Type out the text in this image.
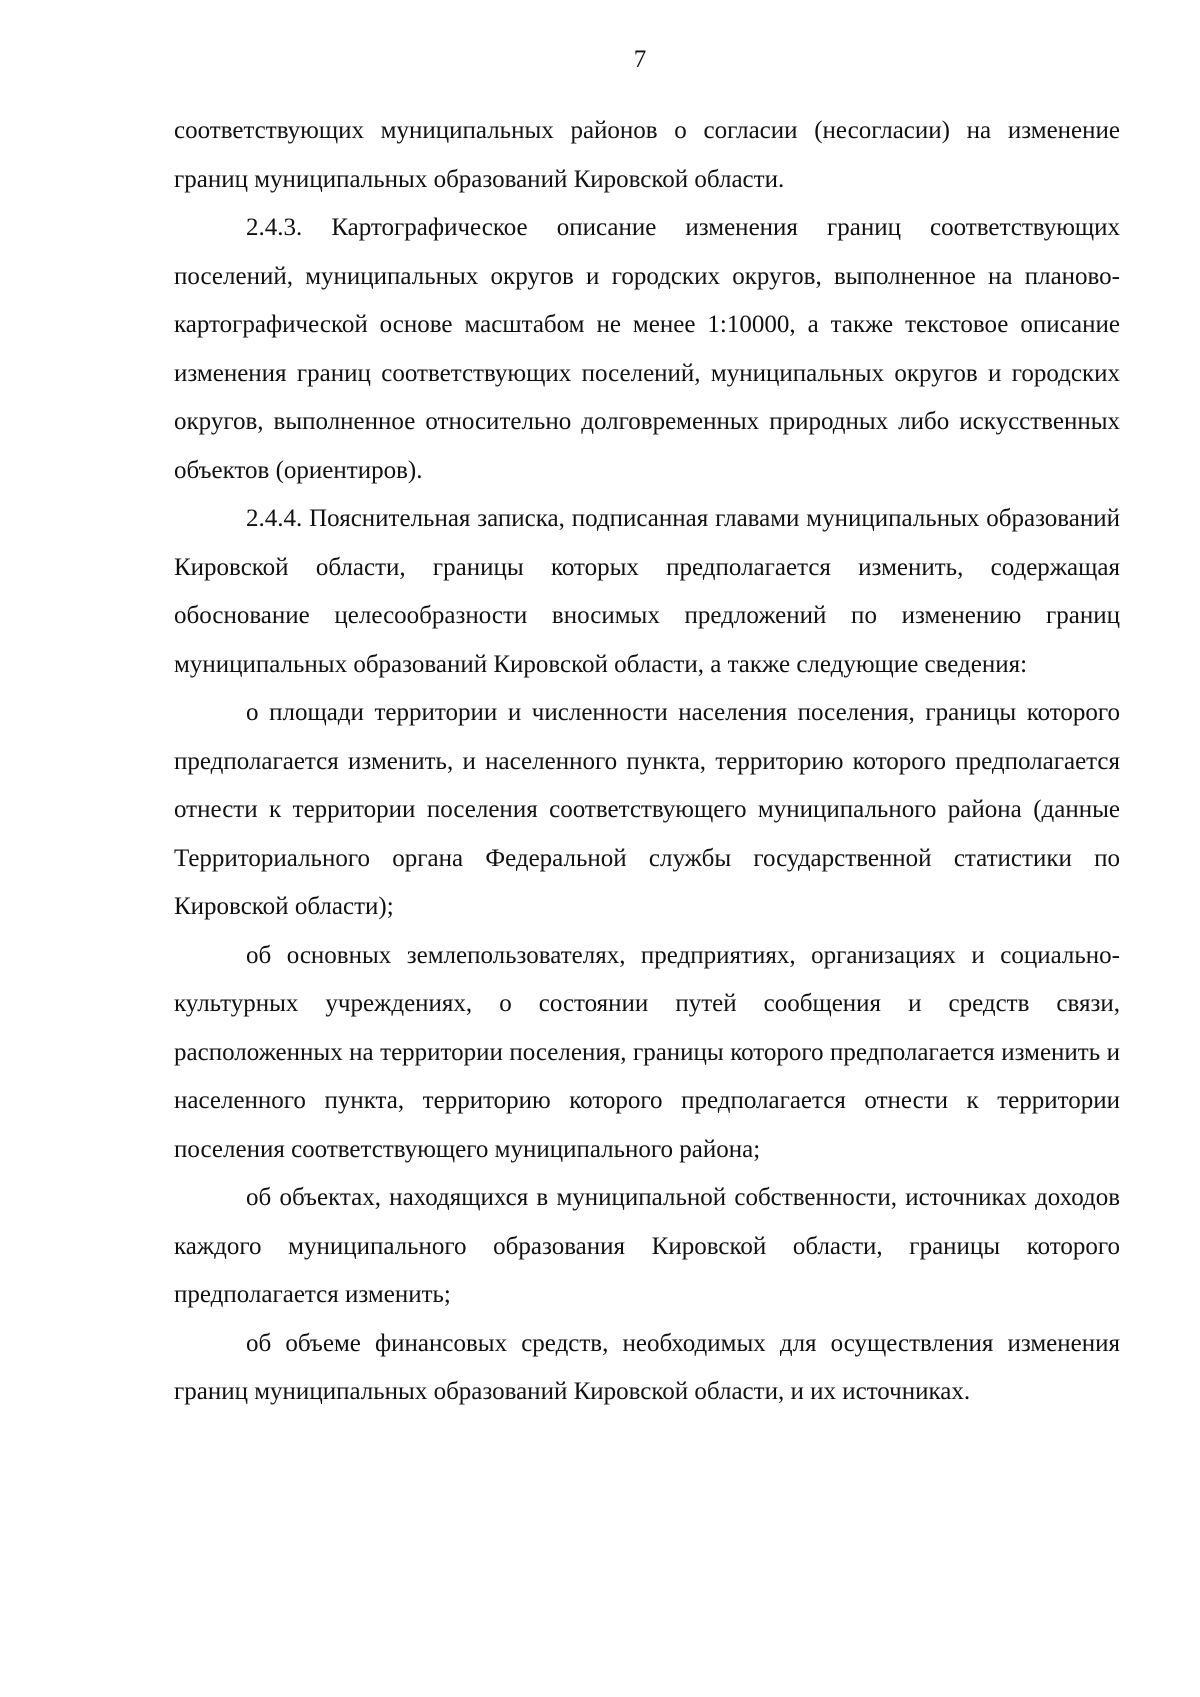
7

соответствующих муниципальных районов о согласии (несогласии) на изменение границ муниципальных образований Кировской области.

2.4.3. Картографическое описание изменения границ соответствующих поселений, муниципальных округов и городских округов, выполненное на планово-картографической основе масштабом не менее 1:10000, а также текстовое описание изменения границ соответствующих поселений, муниципальных округов и городских округов, выполненное относительно долговременных природных либо искусственных объектов (ориентиров).

2.4.4. Пояснительная записка, подписанная главами муниципальных образований Кировской области, границы которых предполагается изменить, содержащая обоснование целесообразности вносимых предложений по изменению границ муниципальных образований Кировской области, а также следующие сведения:

о площади территории и численности населения поселения, границы которого предполагается изменить, и населенного пункта, территорию которого предполагается отнести к территории поселения соответствующего муниципального района (данные Территориального органа Федеральной службы государственной статистики по Кировской области);

об основных землепользователях, предприятиях, организациях и социально-культурных учреждениях, о состоянии путей сообщения и средств связи, расположенных на территории поселения, границы которого предполагается изменить и населенного пункта, территорию которого предполагается отнести к территории поселения соответствующего муниципального района;

об объектах, находящихся в муниципальной собственности, источниках доходов каждого муниципального образования Кировской области, границы которого предполагается изменить;

об объеме финансовых средств, необходимых для осуществления изменения границ муниципальных образований Кировской области, и их источниках.
